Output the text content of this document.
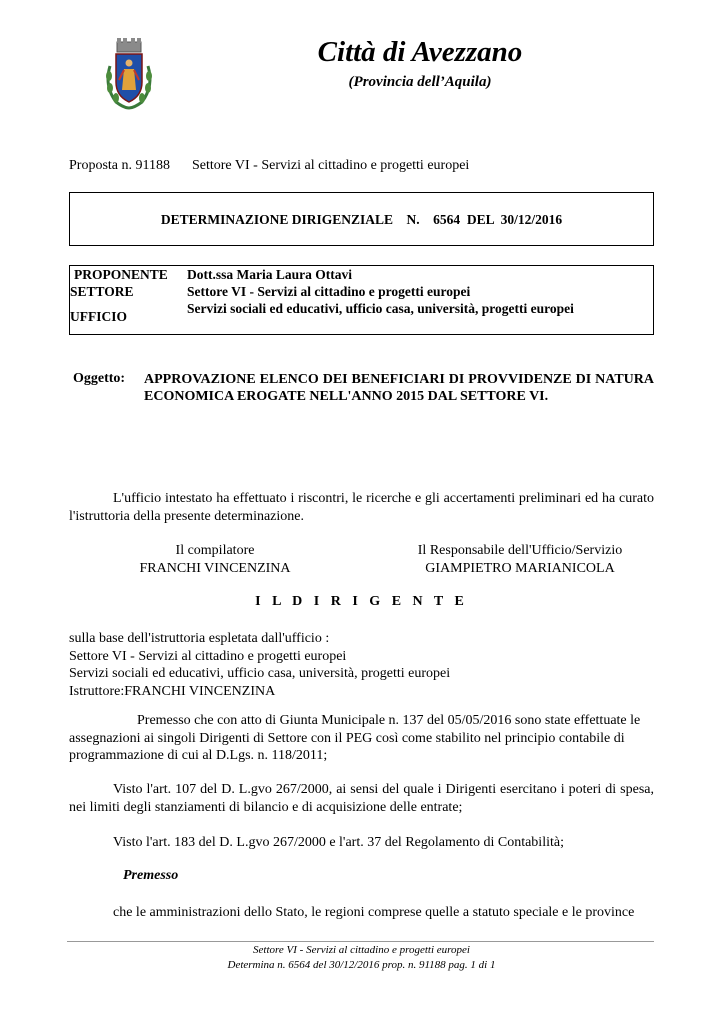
Città di Avezzano
(Provincia dell’Aquila)
Proposta n. 91188 Settore VI - Servizi al cittadino e progetti europei
DETERMINAZIONE DIRIGENZIALE    N.    6564  DEL  30/12/2016
PROPONENTE	Dott.ssa Maria Laura Ottavi
SETTORE	Settore VI - Servizi al cittadino e progetti europei
Servizi sociali ed educativi, ufficio casa, università, progetti europei
UFFICIO
Oggetto: APPROVAZIONE ELENCO DEI BENEFICIARI DI PROVVIDENZE DI NATURA ECONOMICA EROGATE NELL'ANNO 2015 DAL SETTORE VI.
L'ufficio intestato ha effettuato i riscontri, le ricerche e gli accertamenti preliminari ed ha curato l'istruttoria della presente determinazione.
Il compilatore
FRANCHI VINCENZINA
Il Responsabile dell'Ufficio/Servizio
GIAMPIETRO MARIANICOLA
I L D I R I G E N T E
sulla base dell'istruttoria espletata dall'ufficio :
Settore VI - Servizi al cittadino e progetti europei
Servizi sociali ed educativi, ufficio casa, università, progetti europei
Istruttore:FRANCHI VINCENZINA
Premesso che con atto di Giunta Municipale n. 137 del 05/05/2016 sono state effettuate le assegnazioni ai singoli Dirigenti di Settore con il PEG così come stabilito nel principio contabile di programmazione di cui al D.Lgs. n. 118/2011;
Visto l'art. 107 del D. L.gvo 267/2000, ai sensi del quale i Dirigenti esercitano i poteri di spesa, nei limiti degli stanziamenti di bilancio e di acquisizione delle entrate;
Visto l'art. 183 del D. L.gvo 267/2000 e l'art. 37 del Regolamento di Contabilità;
Premesso
che le amministrazioni dello Stato, le regioni comprese quelle a statuto speciale e le province
Settore VI - Servizi al cittadino e progetti europei
Determina n. 6564 del 30/12/2016 prop. n. 91188 pag. 1 di 1
